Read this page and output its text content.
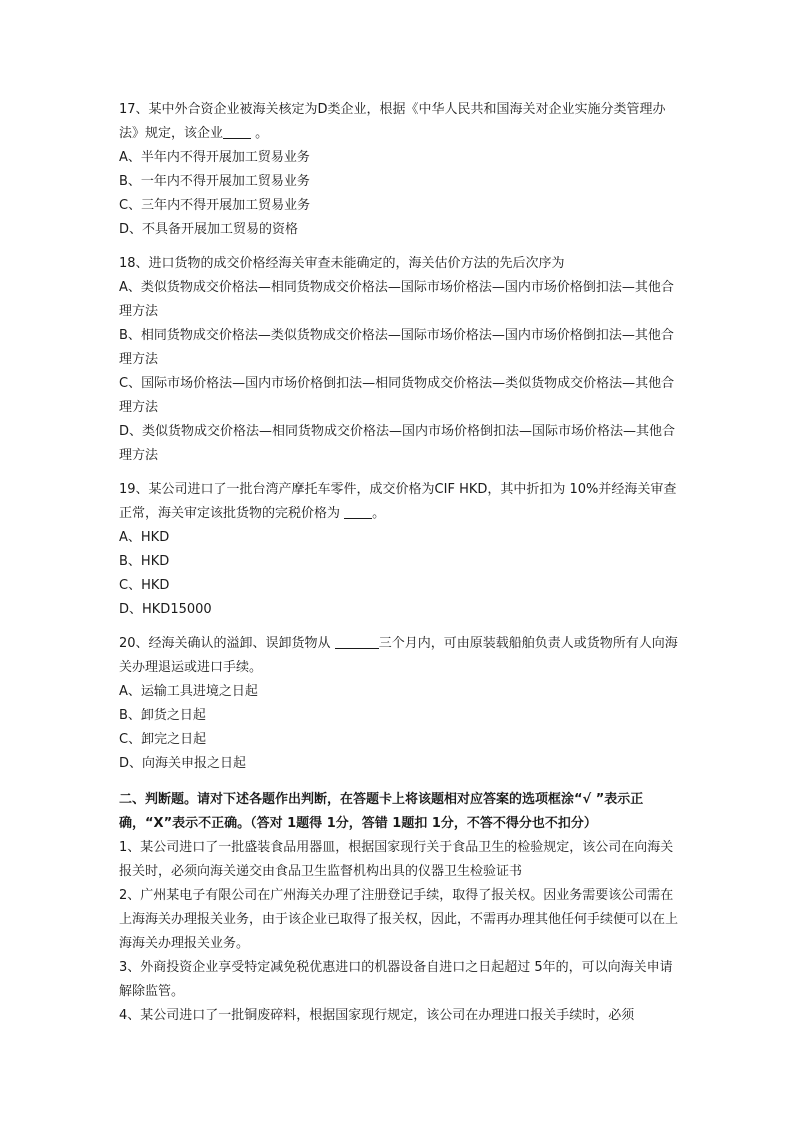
17、某中外合资企业被海关核定为D类企业，根据《中华人民共和国海关对企业实施分类管理办法》规定，该企业 。

A、半年内不得开展加工贸易业务

B、一年内不得开展加工贸易业务

C、三年内不得开展加工贸易业务

D、不具备开展加工贸易的资格

18、进口货物的成交价格经海关审查未能确定的，海关估价方法的先后次序为

A、类似货物成交价格法—相同货物成交价格法—国际市场价格法—国内市场价格倒扣法—其他合理方法

B、相同货物成交价格法—类似货物成交价格法—国际市场价格法—国内市场价格倒扣法—其他合理方法

C、国际市场价格法—国内市场价格倒扣法—相同货物成交价格法—类似货物成交价格法—其他合理方法

D、类似货物成交价格法—相同货物成交价格法—国内市场价格倒扣法—国际市场价格法—其他合理方法

19、某公司进口了一批台湾产摩托车零件，成交价格为CIF HKD，其中折扣为 10%并经海关审查正常，海关审定该批货物的完税价格为 。

A、HKD

B、HKD

C、HKD

D、HKD15000

20、经海关确认的溢卸、误卸货物从	三个月内，可由原装载船舶负责人或货物所有人向海关办理退运或进口手续。

A、运输工具进境之日起

B、卸货之日起

C、卸完之日起

D、向海关申报之日起

二、判断题。请对下述各题作出判断，在答题卡上将该题相对应答案的选项框涂“√ ”表示正确，“X”表示不正确。（答对 1题得 1分，答错 1题扣 1分，不答不得分也不扣分）

1、某公司进口了一批盛装食品用器皿，根据国家现行关于食品卫生的检验规定，该公司在向海关报关时，必须向海关递交由食品卫生监督机构出具的仪器卫生检验证书

2、广州某电子有限公司在广州海关办理了注册登记手续，取得了报关权。因业务需要该公司需在上海海关办理报关业务，由于该企业已取得了报关权，因此，不需再办理其他任何手续便可以在上海海关办理报关业务。

3、外商投资企业享受特定减免税优惠进口的机器设备自进口之日起超过 5年的，可以向海关申请解除监管。

4、某公司进口了一批铜废碎料，根据国家现行规定，该公司在办理进口报关手续时，必须
